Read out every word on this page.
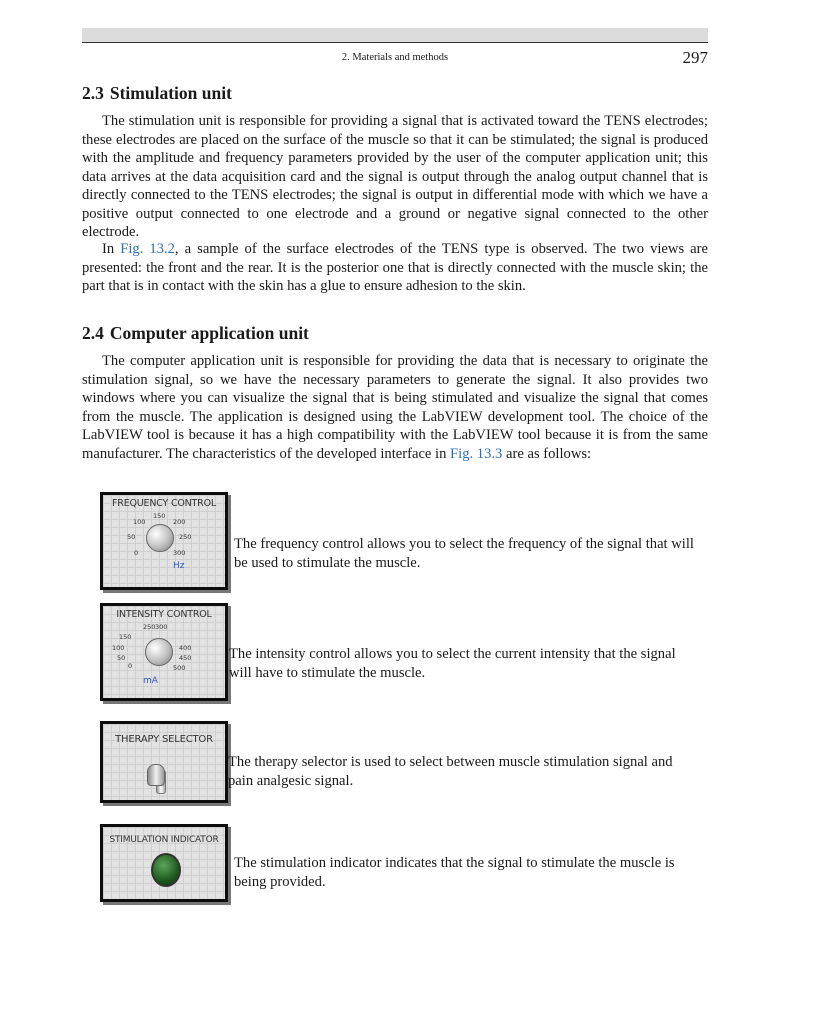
2. Materials and methods	297
2.3 Stimulation unit

The stimulation unit is responsible for providing a signal that is activated toward the TENS electrodes; these electrodes are placed on the surface of the muscle so that it can be stimulated; the signal is produced with the amplitude and frequency parameters provided by the user of the computer application unit; this data arrives at the data acquisition card and the signal is output through the analog output channel that is directly connected to the TENS electrodes; the signal is output in differential mode with which we have a positive output connected to one electrode and a ground or negative signal connected to the other electrode.

In Fig. 13.2, a sample of the surface electrodes of the TENS type is observed. The two views are presented: the front and the rear. It is the posterior one that is directly connected with the muscle skin; the part that is in contact with the skin has a glue to ensure adhesion to the skin.

2.4 Computer application unit

The computer application unit is responsible for providing the data that is necessary to originate the stimulation signal, so we have the necessary parameters to generate the signal. It also provides two windows where you can visualize the signal that is being stimulated and visualize the signal that comes from the muscle. The application is designed using the LabVIEW development tool. The choice of the LabVIEW tool is because it has a high compatibility with the LabVIEW tool because it is from the same manufacturer. The characteristics of the developed interface in Fig. 13.3 are as follows:

FREQUENCY CONTROL
0
50
100
150
200
250
300
Hz

The frequency control allows you to select the frequency of the signal that will be used to stimulate the muscle.

INTENSITY CONTROL
0
50
100
150
250 300
400
450
500
mA

The intensity control allows you to select the current intensity that the signal will have to stimulate the muscle.

THERAPY SELECTOR

The therapy selector is used to select between muscle stimulation signal and pain analgesic signal.

STIMULATION INDICATOR

The stimulation indicator indicates that the signal to stimulate the muscle is being provided.
